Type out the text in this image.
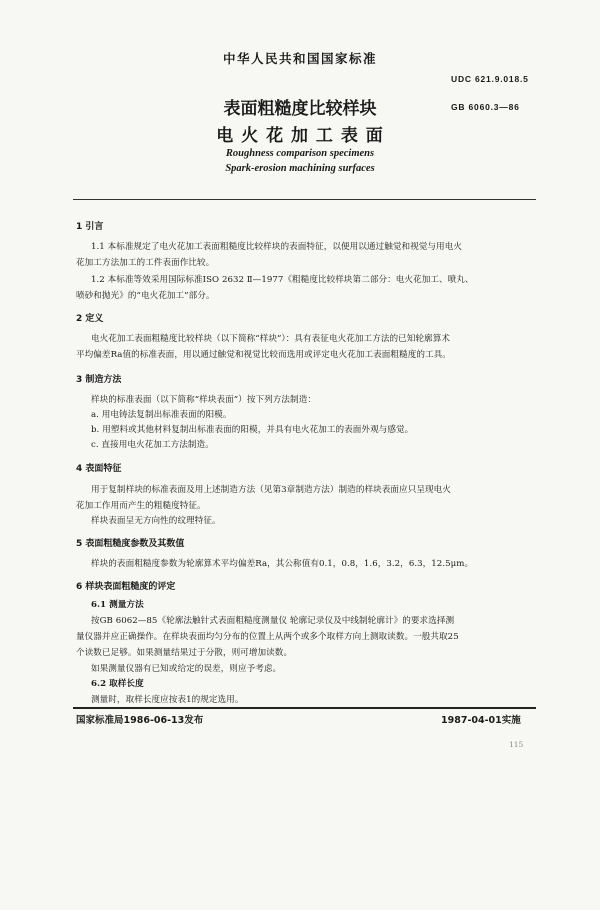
中华人民共和国国家标准
UDC 621.9.018.5
GB 6060.3—86
表面粗糙度比较样块
电 火 花 加 工 表 面
Roughness comparison specimens
Spark-erosion machining surfaces
1 引言
1.1 本标准规定了电火花加工表面粗糙度比较样块的表面特征，以便用以通过触觉和视觉与用电火
花加工方法加工的工件表面作比较。
1.2 本标准等效采用国际标准ISO 2632 Ⅱ—1977《粗糙度比较样块第二部分：电火花加工、喷丸、
喷砂和抛光》的“电火花加工”部分。
2 定义
电火花加工表面粗糙度比较样块（以下简称“样块”）：具有表征电火花加工方法的已知轮廓算术
平均偏差Ra值的标准表面，用以通过触觉和视觉比较而选用或评定电火花加工表面粗糙度的工具。
3 制造方法
样块的标准表面（以下简称“样块表面”）按下列方法制造：
a. 用电铸法复制出标准表面的阳模。
b. 用塑料或其他材料复制出标准表面的阳模，并具有电火花加工的表面外观与感觉。
c. 直接用电火花加工方法制造。
4 表面特征
用于复制样块的标准表面及用上述制造方法（见第3章制造方法）制造的样块表面应只呈现电火
花加工作用而产生的粗糙度特征。
样块表面呈无方向性的纹理特征。
5 表面粗糙度参数及其数值
样块的表面粗糙度参数为轮廓算术平均偏差Ra，其公称值有0.1，0.8，1.6，3.2，6.3，12.5μm。
6 样块表面粗糙度的评定
6.1 测量方法
按GB 6062—85《轮廓法触针式表面粗糙度测量仪 轮廓记录仪及中线制轮廓计》的要求选择测
量仪器并应正确操作。在样块表面均匀分布的位置上从两个或多个取样方向上测取读数。一般共取25
个读数已足够。如果测量结果过于分散，则可增加读数。
如果测量仪器有已知或给定的误差，则应予考虑。
6.2 取样长度
测量时，取样长度应按表1的规定选用。
国家标准局1986-06-13发布	1987-04-01实施
115
